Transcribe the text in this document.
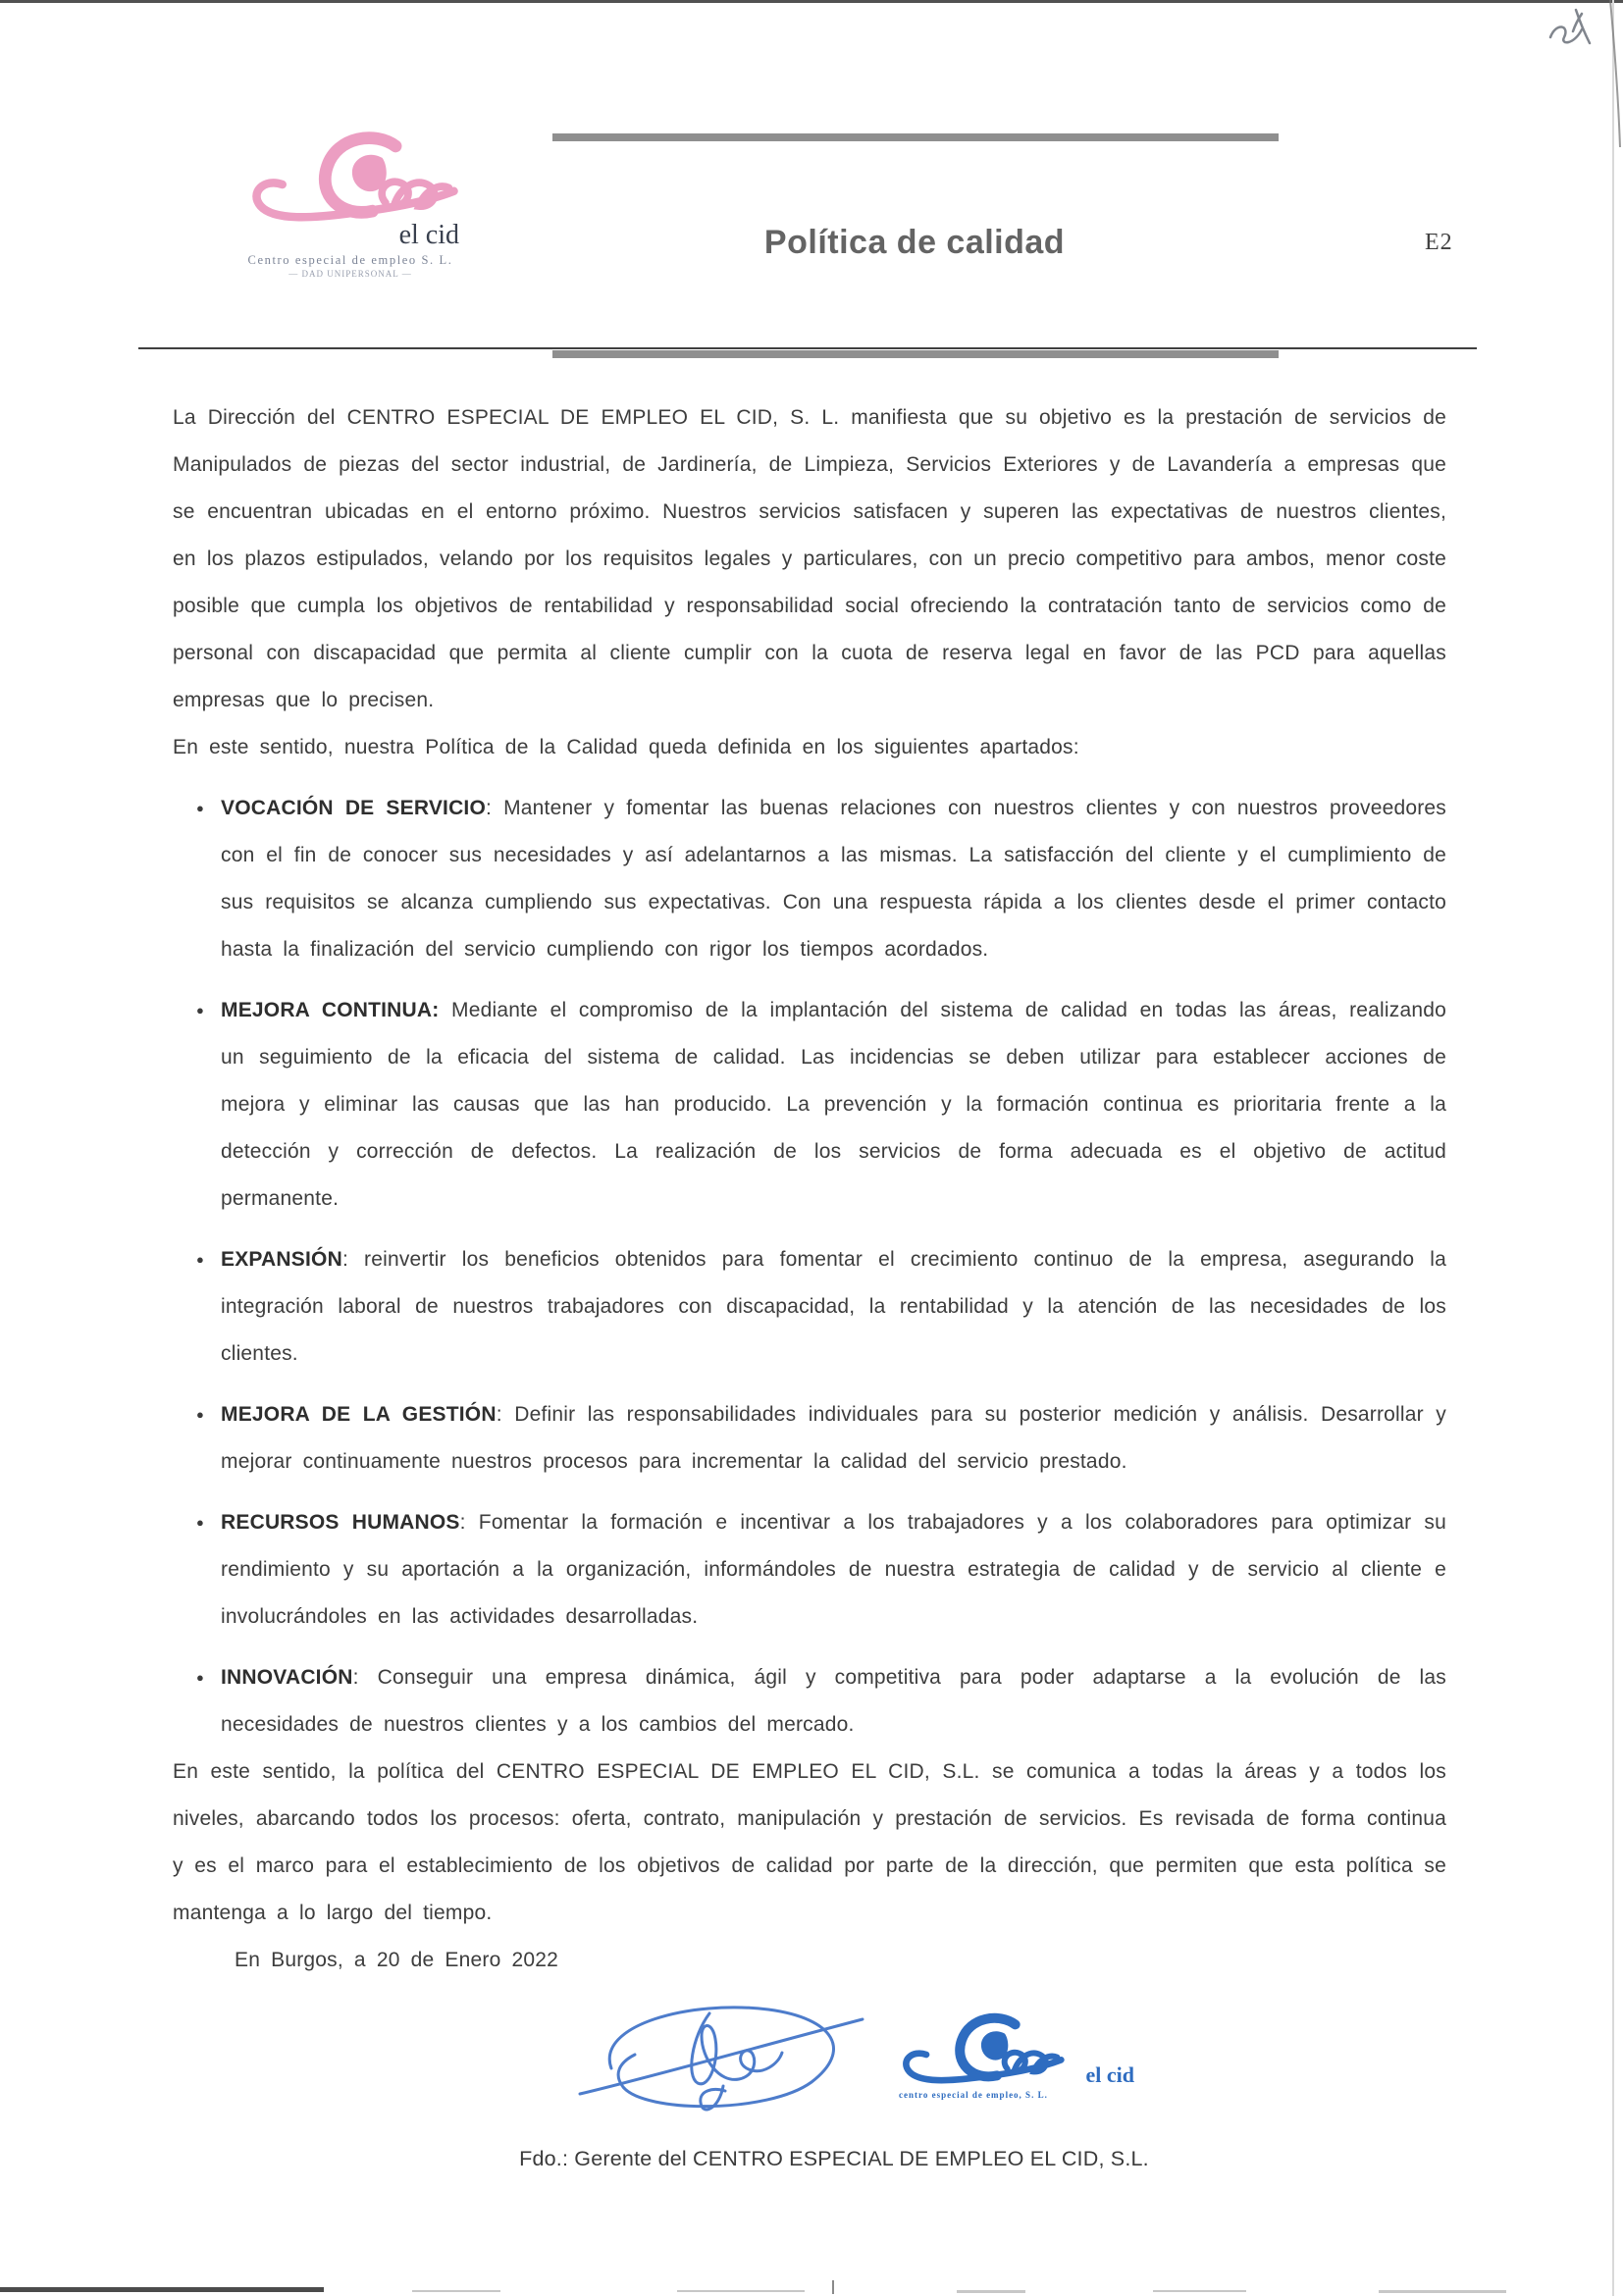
Política de calidad	E2
el cid
Centro especial de empleo S. L.
— DAD UNIPERSONAL —

La Dirección del CENTRO ESPECIAL DE EMPLEO EL CID, S. L. manifiesta que su objetivo es la prestación de servicios de Manipulados de piezas del sector industrial, de Jardinería, de Limpieza, Servicios Exteriores y de Lavandería a empresas que se encuentran ubicadas en el entorno próximo. Nuestros servicios satisfacen y superen las expectativas de nuestros clientes, en los plazos estipulados, velando por los requisitos legales y particulares, con un precio competitivo para ambos, menor coste posible que cumpla los objetivos de rentabilidad y responsabilidad social ofreciendo la contratación tanto de servicios como de personal con discapacidad que permita al cliente cumplir con la cuota de reserva legal en favor de las PCD para aquellas empresas que lo precisen.

En este sentido, nuestra Política de la Calidad queda definida en los siguientes apartados:

● VOCACIÓN DE SERVICIO: Mantener y fomentar las buenas relaciones con nuestros clientes y con nuestros proveedores con el fin de conocer sus necesidades y así adelantarnos a las mismas. La satisfacción del cliente y el cumplimiento de sus requisitos se alcanza cumpliendo sus expectativas. Con una respuesta rápida a los clientes desde el primer contacto hasta la finalización del servicio cumpliendo con rigor los tiempos acordados.
● MEJORA CONTINUA: Mediante el compromiso de la implantación del sistema de calidad en todas las áreas, realizando un seguimiento de la eficacia del sistema de calidad. Las incidencias se deben utilizar para establecer acciones de mejora y eliminar las causas que las han producido. La prevención y la formación continua es prioritaria frente a la detección y corrección de defectos. La realización de los servicios de forma adecuada es el objetivo de actitud permanente.
● EXPANSIÓN: reinvertir los beneficios obtenidos para fomentar el crecimiento continuo de la empresa, asegurando la integración laboral de nuestros trabajadores con discapacidad, la rentabilidad y la atención de las necesidades de los clientes.
● MEJORA DE LA GESTIÓN: Definir las responsabilidades individuales para su posterior medición y análisis. Desarrollar y mejorar continuamente nuestros procesos para incrementar la calidad del servicio prestado.
● RECURSOS HUMANOS: Fomentar la formación e incentivar a los trabajadores y a los colaboradores para optimizar su rendimiento y su aportación a la organización, informándoles de nuestra estrategia de calidad y de servicio al cliente e involucrándoles en las actividades desarrolladas.
● INNOVACIÓN: Conseguir una empresa dinámica, ágil y competitiva para poder adaptarse a la evolución de las necesidades de nuestros clientes y a los cambios del mercado.

En este sentido, la política del CENTRO ESPECIAL DE EMPLEO EL CID, S.L. se comunica a todas la áreas y a todos los niveles, abarcando todos los procesos: oferta, contrato, manipulación y prestación de servicios. Es revisada de forma continua y es el marco para el establecimiento de los objetivos de calidad por parte de la dirección, que permiten que esta política se mantenga a lo largo del tiempo.

En Burgos, a 20 de Enero 2022

el cid
centro especial de empleo, S. L.
Fdo.: Gerente del CENTRO ESPECIAL DE EMPLEO EL CID, S.L.
